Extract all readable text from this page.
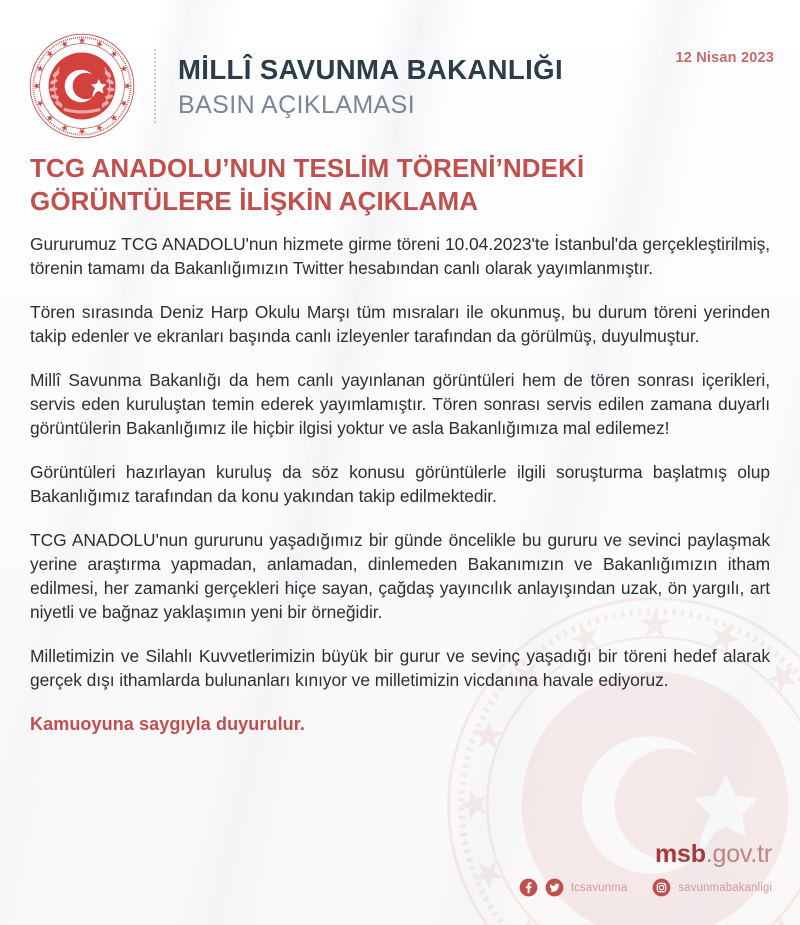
MİLLÎ SAVUNMA BAKANLIĞI
BASIN AÇIKLAMASI
12 Nisan 2023
TCG ANADOLU’NUN TESLİM TÖRENİ’NDEKİ
GÖRÜNTÜLERE İLİŞKİN AÇIKLAMA

Gururumuz TCG ANADOLU'nun hizmete girme töreni 10.04.2023'te İstanbul'da gerçekleştirilmiş, törenin tamamı da Bakanlığımızın Twitter hesabından canlı olarak yayımlanmıştır.

Tören sırasında Deniz Harp Okulu Marşı tüm mısraları ile okunmuş, bu durum töreni yerinden takip edenler ve ekranları başında canlı izleyenler tarafından da görülmüş, duyulmuştur.

Millî Savunma Bakanlığı da hem canlı yayınlanan görüntüleri hem de tören sonrası içerikleri, servis eden kuruluştan temin ederek yayımlamıştır. Tören sonrası servis edilen zamana duyarlı görüntülerin Bakanlığımız ile hiçbir ilgisi yoktur ve asla Bakanlığımıza mal edilemez!

Görüntüleri hazırlayan kuruluş da söz konusu görüntülerle ilgili soruşturma başlatmış olup Bakanlığımız tarafından da konu yakından takip edilmektedir.

TCG ANADOLU'nun gururunu yaşadığımız bir günde öncelikle bu gururu ve sevinci paylaşmak yerine araştırma yapmadan, anlamadan, dinlemeden Bakanımızın ve Bakanlığımızın itham edilmesi, her zamanki gerçekleri hiçe sayan, çağdaş yayıncılık anlayışından uzak, ön yargılı, art niyetli ve bağnaz yaklaşımın yeni bir örneğidir.

Milletimizin ve Silahlı Kuvvetlerimizin büyük bir gurur ve sevinç yaşadığı bir töreni hedef alarak gerçek dışı ithamlarda bulunanları kınıyor ve milletimizin vicdanına havale ediyoruz.

Kamuoyuna saygıyla duyurulur.

msb.gov.tr
tcsavunma	savunmabakanligi
